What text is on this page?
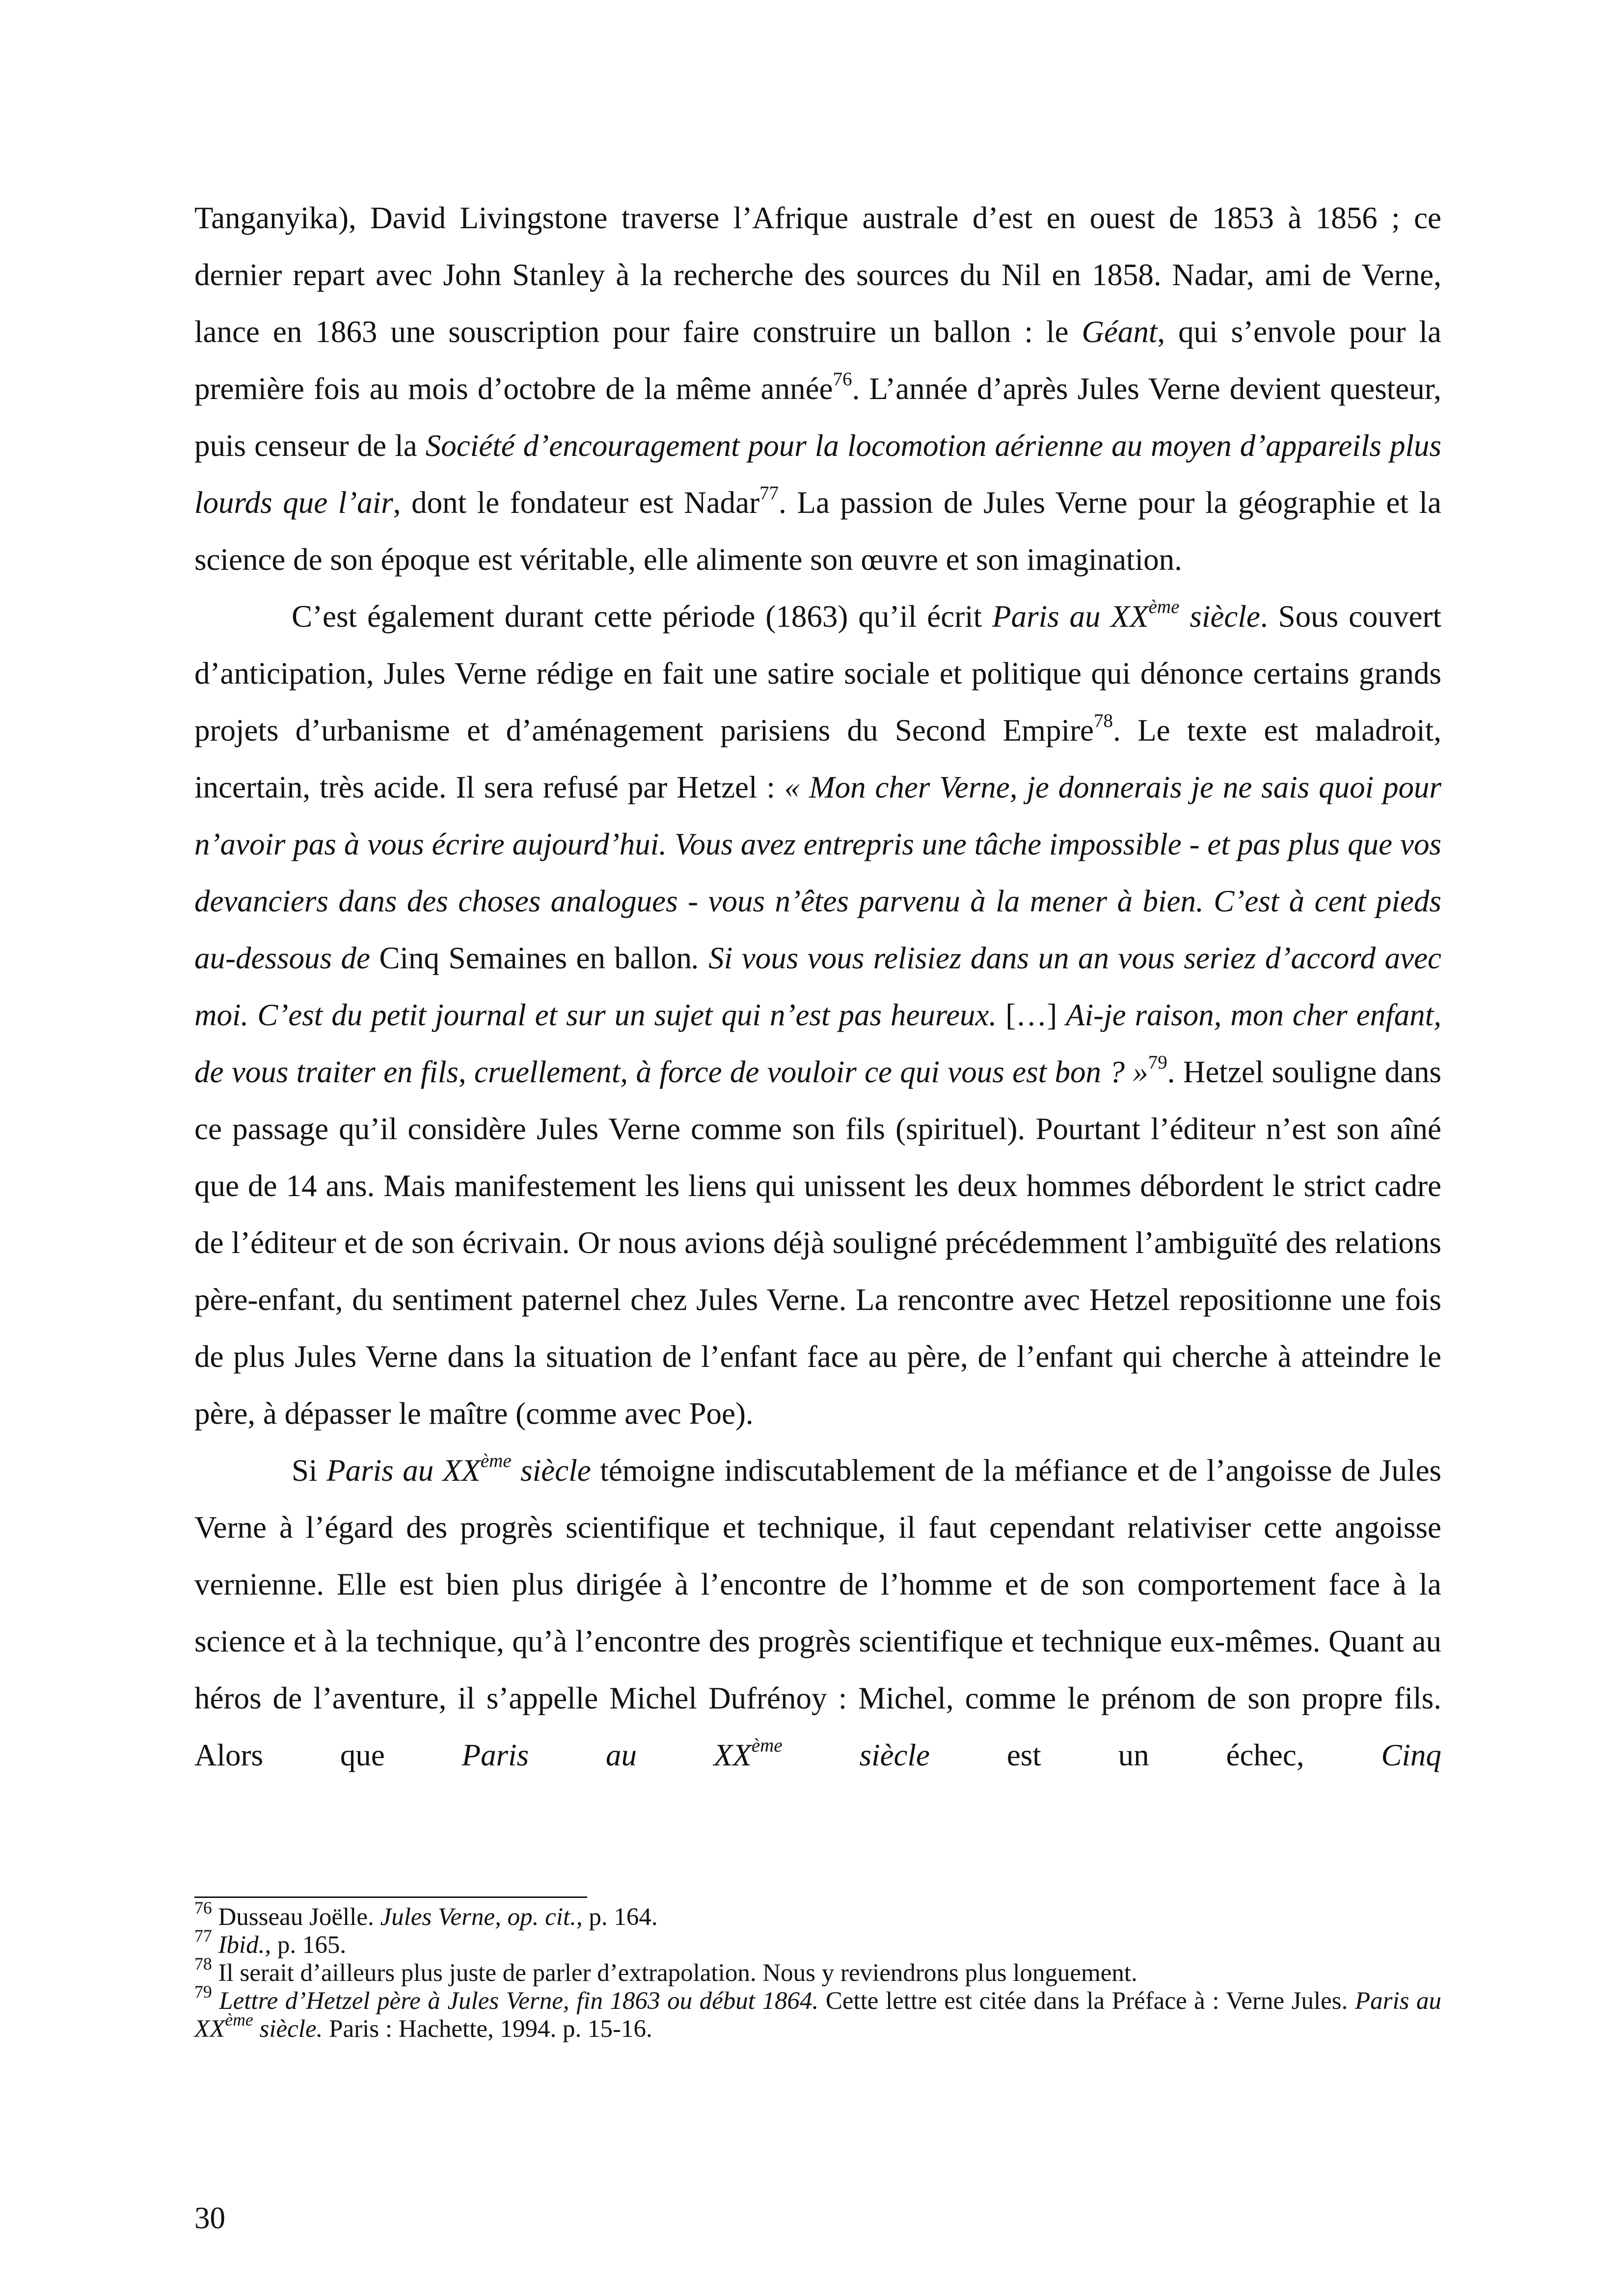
Tanganyika), David Livingstone traverse l’Afrique australe d’est en ouest de 1853 à 1856 ; ce dernier repart avec John Stanley à la recherche des sources du Nil en 1858. Nadar, ami de Verne, lance en 1863 une souscription pour faire construire un ballon : le Géant, qui s’envole pour la première fois au mois d’octobre de la même année$^{76}$. L’année d’après Jules Verne devient questeur, puis censeur de la Société d’encouragement pour la locomotion aérienne au moyen d’appareils plus lourds que l’air, dont le fondateur est Nadar$^{77}$. La passion de Jules Verne pour la géographie et la science de son époque est véritable, elle alimente son œuvre et son imagination.

C’est également durant cette période (1863) qu’il écrit Paris au XXème siècle. Sous couvert d’anticipation, Jules Verne rédige en fait une satire sociale et politique qui dénonce certains grands projets d’urbanisme et d’aménagement parisiens du Second Empire$^{78}$. Le texte est maladroit, incertain, très acide. Il sera refusé par Hetzel : « Mon cher Verne, je donnerais je ne sais quoi pour n’avoir pas à vous écrire aujourd’hui. Vous avez entrepris une tâche impossible - et pas plus que vos devanciers dans des choses analogues - vous n’êtes parvenu à la mener à bien. C’est à cent pieds au-dessous de Cinq Semaines en ballon. Si vous vous relisiez dans un an vous seriez d’accord avec moi. C’est du petit journal et sur un sujet qui n’est pas heureux. […] Ai-je raison, mon cher enfant, de vous traiter en fils, cruellement, à force de vouloir ce qui vous est bon ? »$^{79}$. Hetzel souligne dans ce passage qu’il considère Jules Verne comme son fils (spirituel). Pourtant l’éditeur n’est son aîné que de 14 ans. Mais manifestement les liens qui unissent les deux hommes débordent le strict cadre de l’éditeur et de son écrivain. Or nous avions déjà souligné précédemment l’ambiguïté des relations père-enfant, du sentiment paternel chez Jules Verne. La rencontre avec Hetzel repositionne une fois de plus Jules Verne dans la situation de l’enfant face au père, de l’enfant qui cherche à atteindre le père, à dépasser le maître (comme avec Poe).

Si Paris au XXème siècle témoigne indiscutablement de la méfiance et de l’angoisse de Jules Verne à l’égard des progrès scientifique et technique, il faut cependant relativiser cette angoisse vernienne. Elle est bien plus dirigée à l’encontre de l’homme et de son comportement face à la science et à la technique, qu’à l’encontre des progrès scientifique et technique eux-mêmes. Quant au héros de l’aventure, il s’appelle Michel Dufrénoy : Michel, comme le prénom de son propre fils. Alors que Paris au XXème siècle est un échec, Cinq

$^{76}$ Dusseau Joëlle. Jules Verne, op. cit., p. 164.

$^{77}$ Ibid., p. 165.

$^{78}$ Il serait d’ailleurs plus juste de parler d’extrapolation. Nous y reviendrons plus longuement.

$^{79}$ Lettre d’Hetzel père à Jules Verne, fin 1863 ou début 1864. Cette lettre est citée dans la Préface à : Verne Jules. Paris au XXème siècle. Paris : Hachette, 1994. p. 15-16.

30
